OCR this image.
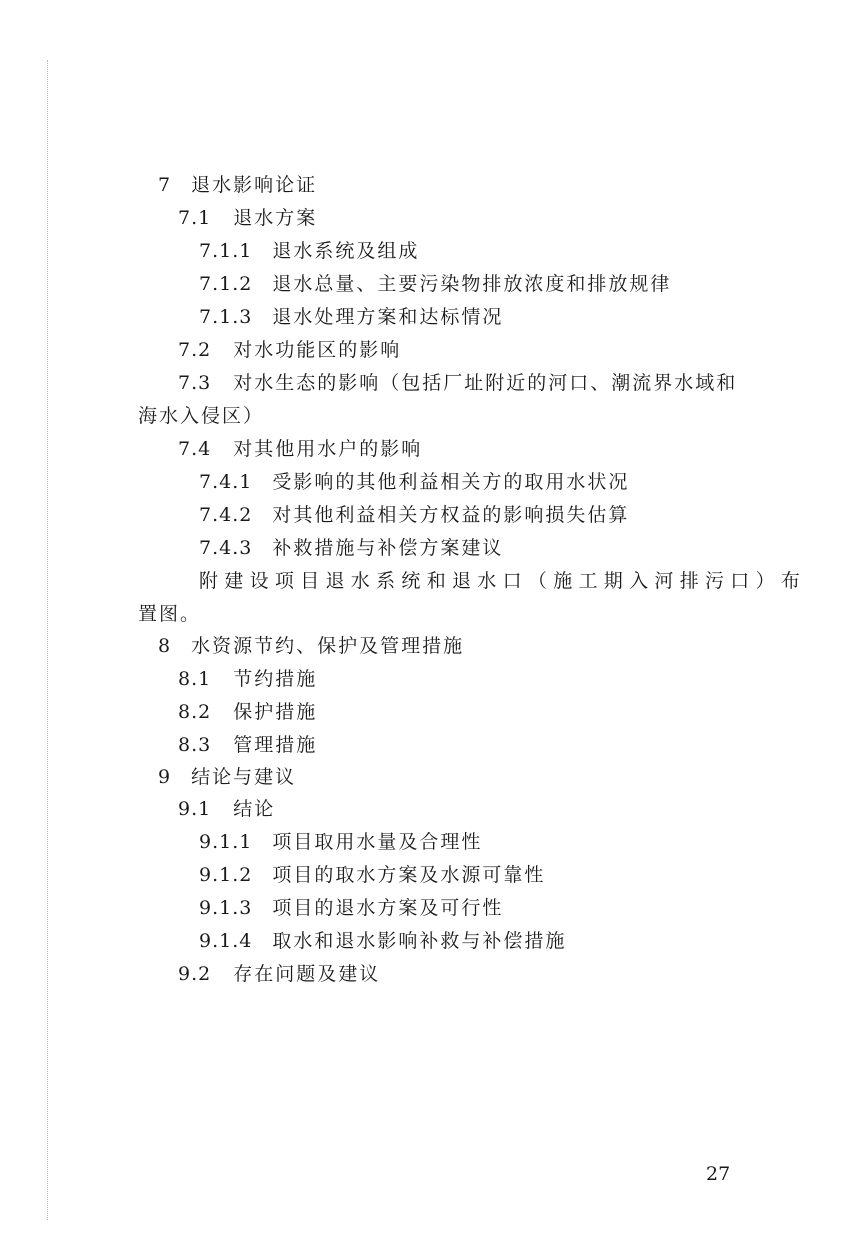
7 退水影响论证
7.1 退水方案
7.1.1 退水系统及组成
7.1.2 退水总量、主要污染物排放浓度和排放规律
7.1.3 退水处理方案和达标情况
7.2 对水功能区的影响
7.3 对水生态的影响（包括厂址附近的河口、潮流界水域和
海水入侵区）
7.4 对其他用水户的影响
7.4.1 受影响的其他利益相关方的取用水状况
7.4.2 对其他利益相关方权益的影响损失估算
7.4.3 补救措施与补偿方案建议
附建设项目退水系统和退水口（施工期入河排污口）布
置图。
8 水资源节约、保护及管理措施
8.1 节约措施
8.2 保护措施
8.3 管理措施
9 结论与建议
9.1 结论
9.1.1 项目取用水量及合理性
9.1.2 项目的取水方案及水源可靠性
9.1.3 项目的退水方案及可行性
9.1.4 取水和退水影响补救与补偿措施
9.2 存在问题及建议
27
